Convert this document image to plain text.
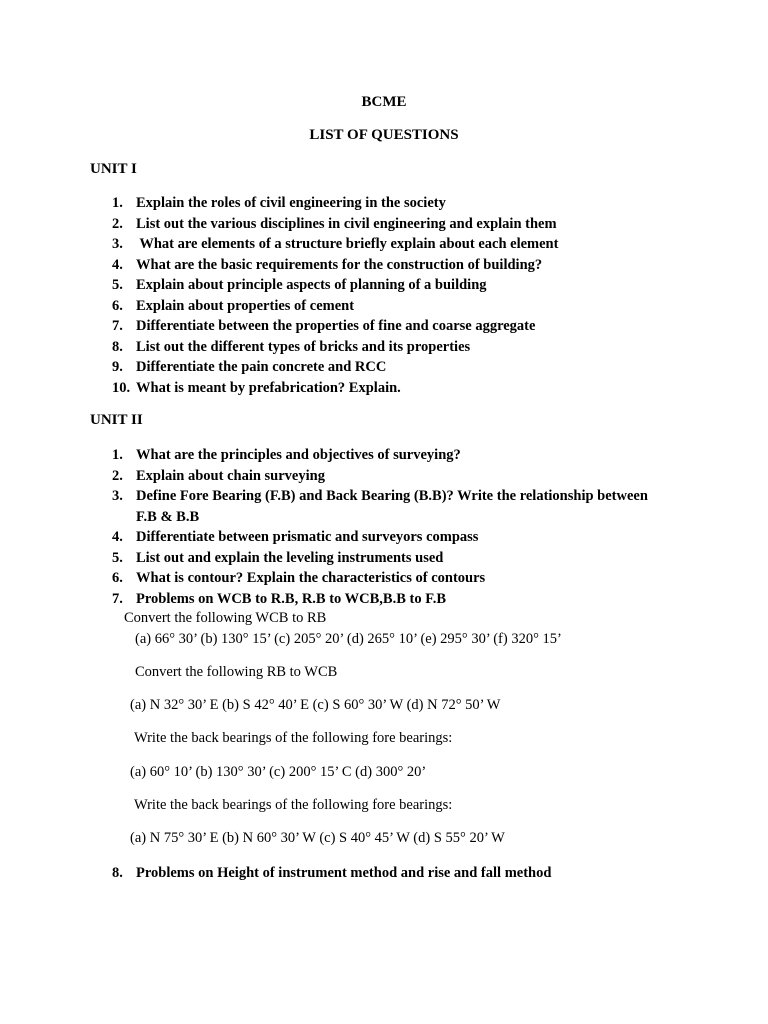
BCME
LIST OF QUESTIONS
UNIT I
1. Explain the roles of civil engineering in the society
2. List out the various disciplines in civil engineering and explain them
3. What are elements of a structure briefly explain about each element
4. What are the basic requirements for the construction of building?
5. Explain about principle aspects of planning of a building
6. Explain about properties of cement
7. Differentiate between the properties of fine and coarse aggregate
8. List out the different types of bricks and its properties
9. Differentiate the pain concrete and RCC
10. What is meant by prefabrication? Explain.
UNIT II
1. What are the principles and objectives of surveying?
2. Explain about chain surveying
3. Define Fore Bearing (F.B) and Back Bearing (B.B)? Write the relationship between
F.B & B.B
4. Differentiate between prismatic and surveyors compass
5. List out and explain the leveling instruments used
6. What is contour? Explain the characteristics of contours
7. Problems on WCB to R.B, R.B to WCB,B.B to F.B
Convert the following WCB to RB
(a) 66° 30’ (b) 130° 15’ (c) 205° 20’ (d) 265° 10’ (e) 295° 30’ (f) 320° 15’
Convert the following RB to WCB
(a) N 32° 30’ E (b) S 42° 40’ E (c) S 60° 30’ W (d) N 72° 50’ W
Write the back bearings of the following fore bearings:
(a) 60° 10’ (b) 130° 30’ (c) 200° 15’ C (d) 300° 20’
Write the back bearings of the following fore bearings:
(a) N 75° 30’ E (b) N 60° 30’ W (c) S 40° 45’ W (d) S 55° 20’ W
8. Problems on Height of instrument method and rise and fall method
